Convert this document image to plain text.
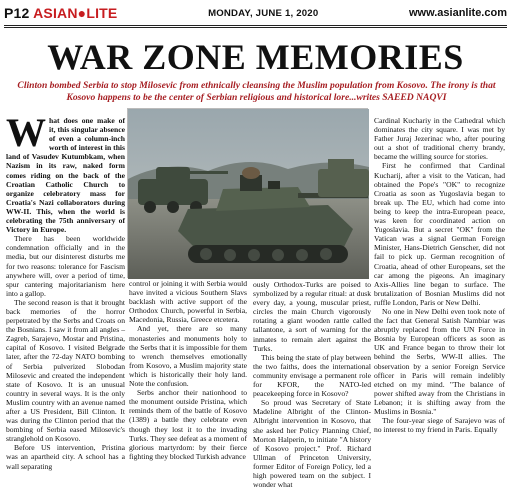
P12 ASIAN●LITE	MONDAY, JUNE 1, 2020	www.asianlite.com
WAR ZONE MEMORIES
Clinton bombed Serbia to stop Milosevic from ethnically cleansing the Muslim population from Kosovo. The irony is that Kosovo happens to be the center of Serbian religious and historical lore...writes SAEED NAQVI

What does one make of it, this singular absence of even a column-inch worth of interest in this land of Vasudev Kutumbkam, when Nazism in its raw, naked form comes riding on the back of the Croatian Catholic Church to organize celebratory mass for Croatia's Nazi collaborators during WW-II. This, when the world is celebrating the 75th anniversary of Victory in Europe.

There has been worldwide condemnation officially and in the media, but our disinterest disturbs me for two reasons: tolerance for Fascism anywhere will, over a period of time, spur cantering majoritarianism here into a gallop.

The second reason is that it brought back memories of the horror perpetrated by the Serbs and Croats on the Bosnians. I saw it from all angles – Zagreb, Sarajevo, Mostar and Pristina, capital of Kosovo. I visited Belgrade later, after the 72-day NATO bombing of Serbia pulverized Slobodan Milosevic and created the independent state of Kosovo. It is an unusual country in several ways. It is the only Muslim country with an avenue named after a US President, Bill Clinton. It was during the Clinton period that the bombing of Serbia eased Milosevic's stranglehold on Kosovo.

Before US intervention, Pristina was an apartheid city. A school has a wall separating

control or joining it with Serbia would have invited a vicious Southern Slavs backlash with active support of the Orthodox Church, powerful in Serbia, Macedonia, Russia, Greece etcetera.

And yet, there are so many monasteries and monuments holy to the Serbs that it is impossible for them to wrench themselves emotionally from Kosovo, a Muslim majority state which is historically their holy land. Note the confusion.

Serbs anchor their nationhood to the monument outside Pristina, which reminds them of the battle of Kosovo (1389) a battle they celebrate even though they lost it to the invading Turks. They see defeat as a moment of glorious martyrdom: by their fierce fighting they blocked Turkish advance

ously Orthodox-Turks are poised to symbolized by a regular ritual: at dusk every day, a young, muscular priest, circles the main Church vigorously rotating a giant wooden rattle called tallantone, a sort of warning for the inmates to remain alert against the Turks.

This being the state of play between the two faiths, does the international community envisage a permanent role for KFOR, the NATO-led peacekeeping force in Kosovo?

So proud was Secretary of State Madeline Albright of the Clinton-Albright intervention in Kosovo, that she asked her Policy Planning Chief, Morton Halperin, to initiate "A history of Kosovo project." Prof. Richard Ullman of Princeton University, former Editor of Foreign Policy, led a high powered team on the subject. I wonder what

Cardinal Kuchariy in the Cathedral which dominates the city square. I was met by Father Juraj Jezerinac who, after pouring out a shot of traditional cherry brandy, became the willing source for stories.

First he confirmed that Cardinal Kucharij, after a visit to the Vatican, had obtained the Pope's "OK" to recognize Croatia as soon as Yugoslavia began to break up. The EU, which had come into being to keep the intra-European peace, was keen for coordinated action on Yugoslavia. But a secret "OK" from the Vatican was a signal German Foreign Minister, Hans-Dietrich Genscher, did not fail to pick up. German recognition of Croatia, ahead of other Europeans, set the car among the pigeons. An imaginary Axis-Allies line began to surface. The brutalization of Bosnian Muslims did not ruffle London, Paris or New Delhi.

No one in New Delhi even took note of the fact that General Satish Nambiar was abruptly replaced from the UN Force in Bosnia by European officers as soon as UK and France began to throw their lot behind the Serbs, WW-II allies. The observation by a senior Foreign Service officer in Paris will remain indelibly etched on my mind. "The balance of power shifted away from the Christians in Lebanon; it is shifting away from the Muslims in Bosnia."

The four-year siege of Sarajevo was of no interest to my friend in Paris. Equally
